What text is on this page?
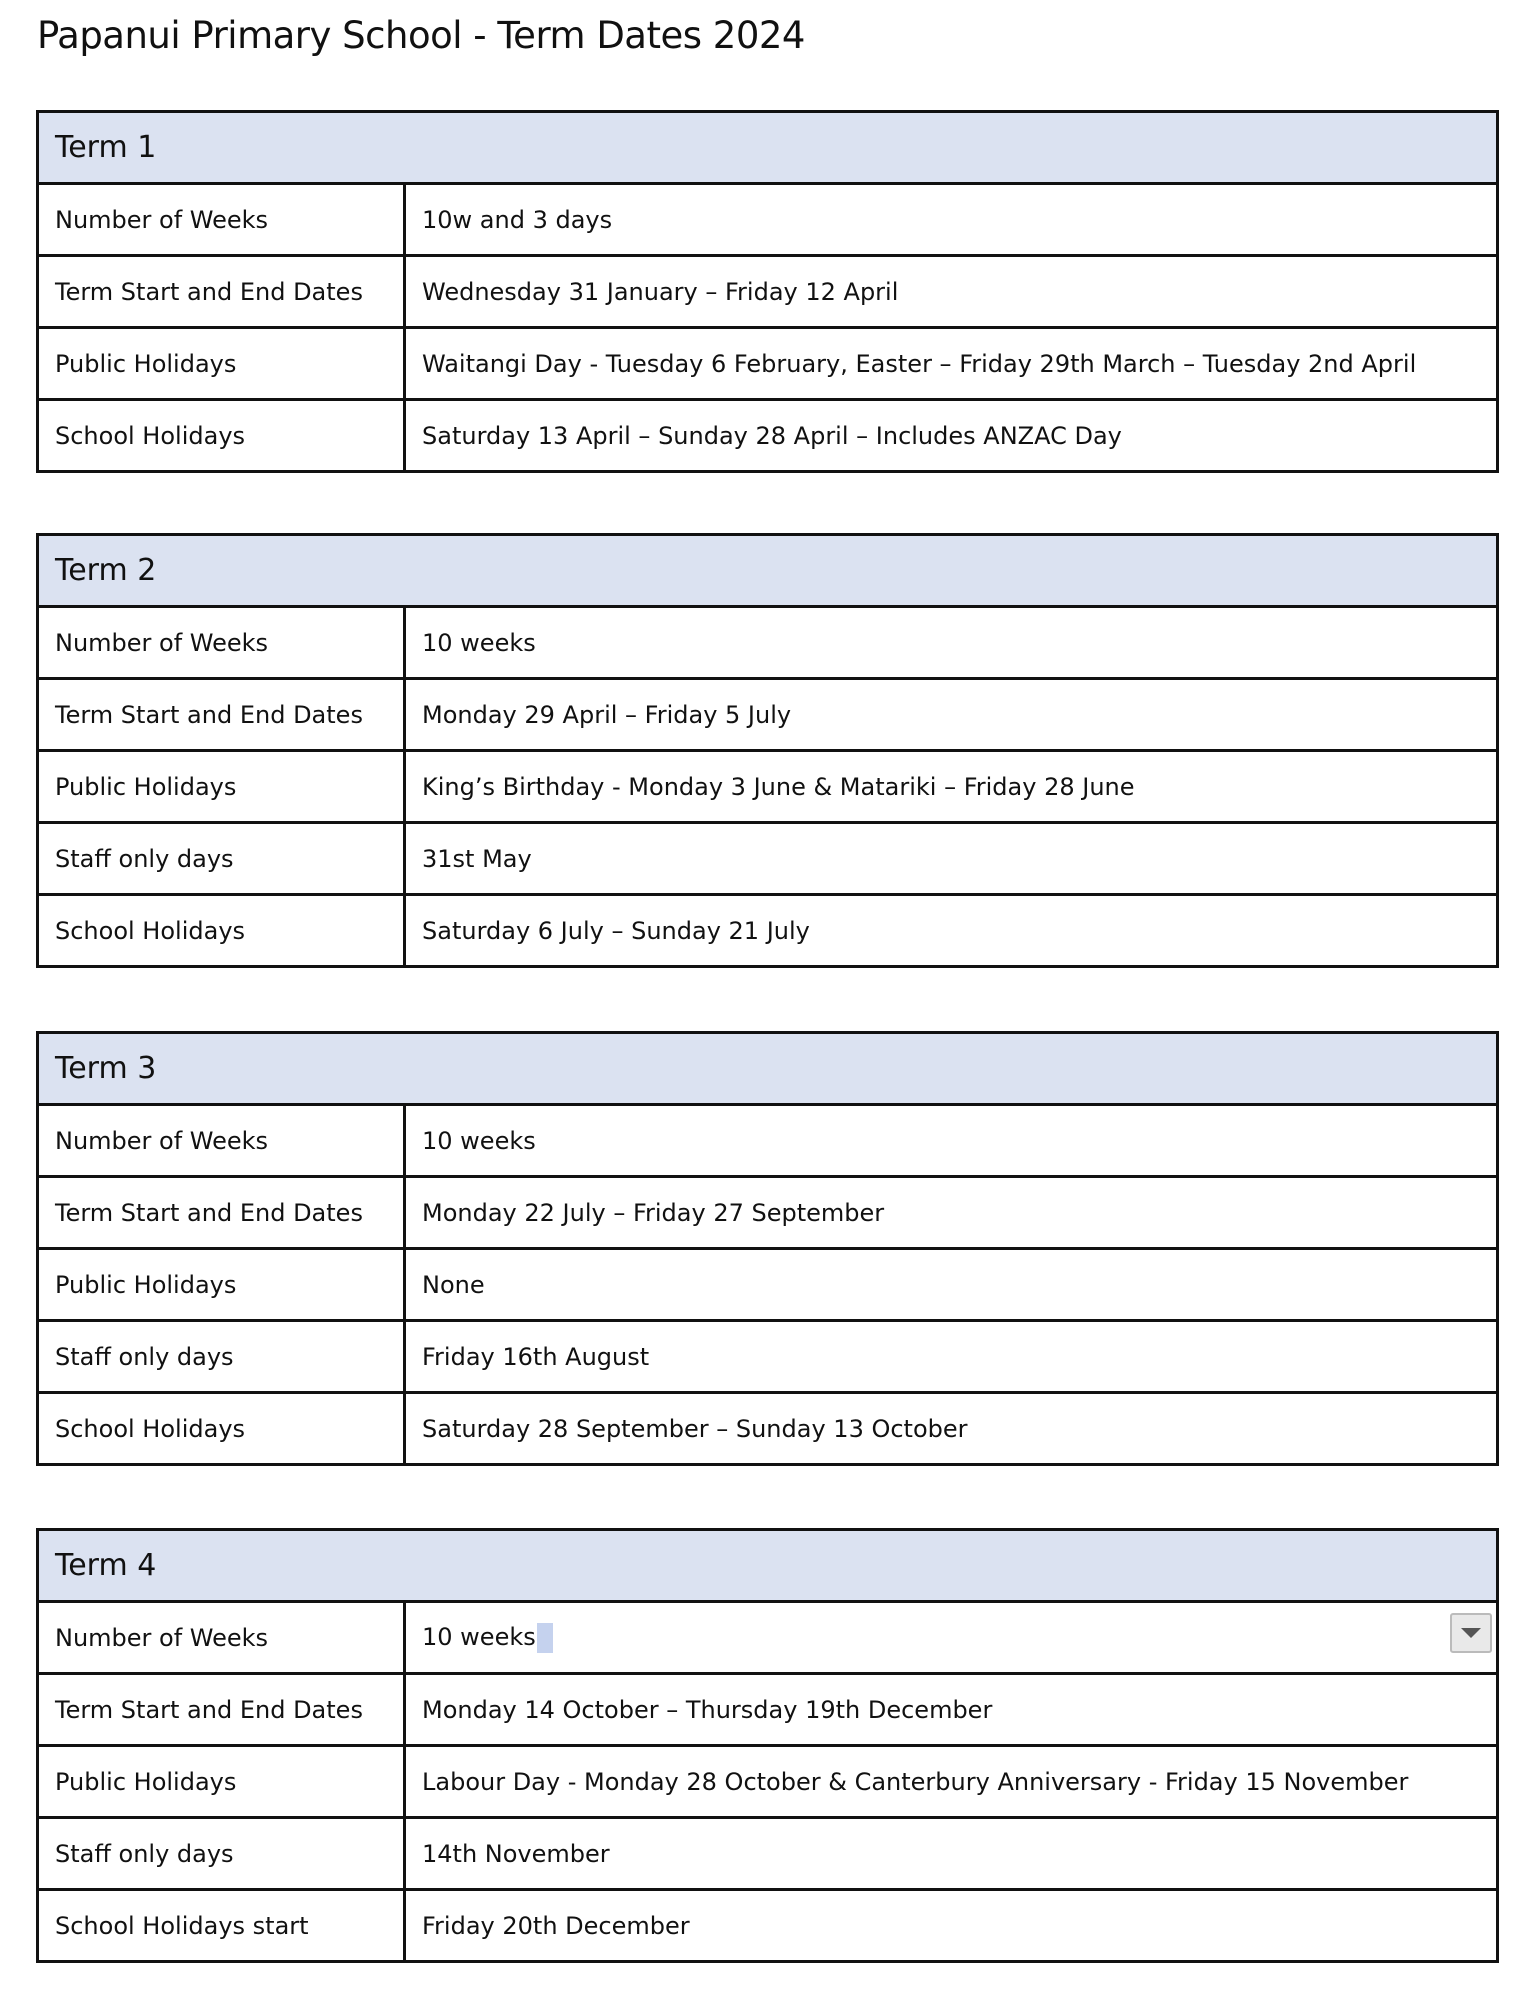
Papanui Primary School - Term Dates 2024
Term 1	
Number of Weeks	10w and 3 days
Term Start and End Dates	Wednesday 31 January – Friday 12 April
Public Holidays	Waitangi Day - Tuesday 6 February, Easter – Friday 29th March – Tuesday 2nd April
School Holidays	Saturday 13 April – Sunday 28 April – Includes ANZAC Day
Term 2	
Number of Weeks	10 weeks
Term Start and End Dates	Monday 29 April – Friday 5 July
Public Holidays	King’s Birthday - Monday 3 June & Matariki – Friday 28 June
Staff only days	31st May
School Holidays	Saturday 6 July – Sunday 21 July
Term 3	
Number of Weeks	10 weeks
Term Start and End Dates	Monday 22 July – Friday 27 September
Public Holidays	None
Staff only days	Friday 16th August
School Holidays	Saturday 28 September – Sunday 13 October
Term 4	
Number of Weeks	10 weeks
Term Start and End Dates	Monday 14 October – Thursday 19th December
Public Holidays	Labour Day - Monday 28 October & Canterbury Anniversary - Friday 15 November
Staff only days	14th November
School Holidays start	Friday 20th December
